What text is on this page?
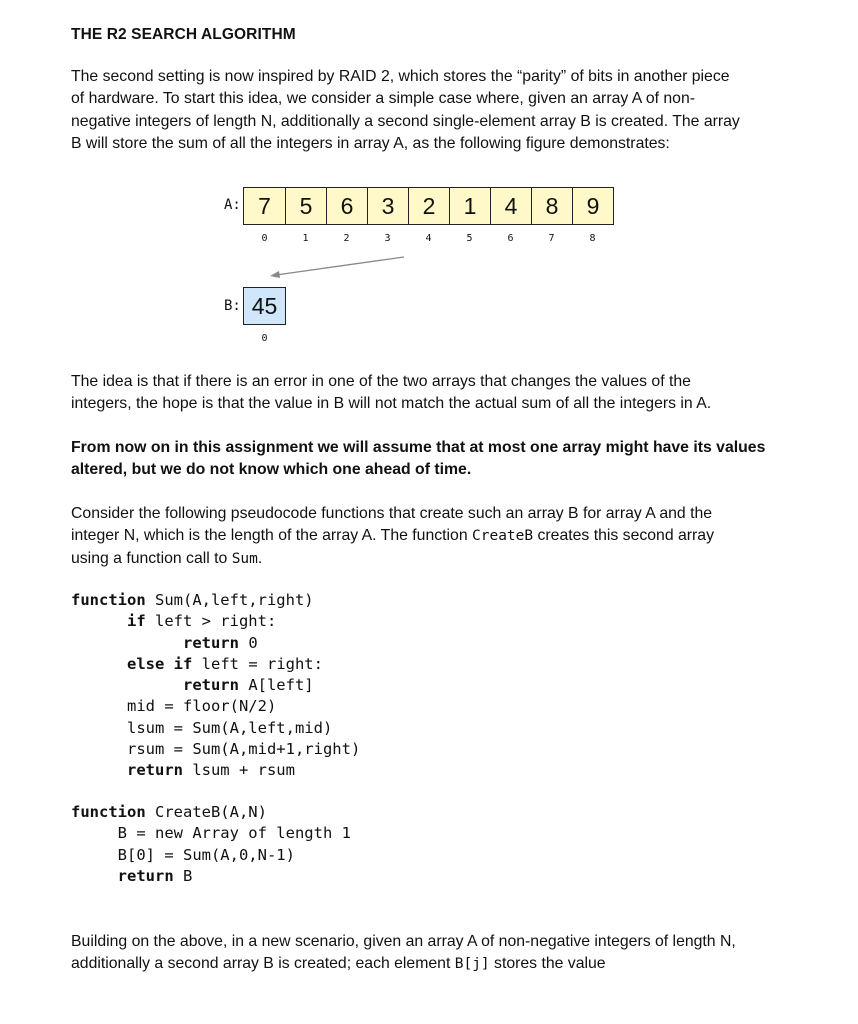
THE R2 SEARCH ALGORITHM
The second setting is now inspired by RAID 2, which stores the “parity” of bits in another piece
of hardware. To start this idea, we consider a simple case where, given an array A of non-
negative integers of length N, additionally a second single-element array B is created. The array
B will store the sum of all the integers in array A, as the following figure demonstrates:
A: 7	5	6	3	2	1	4	8	9
0	1	2	3	4	5	6	7	8
B: 45
0
The idea is that if there is an error in one of the two arrays that changes the values of the
integers, the hope is that the value in B will not match the actual sum of all the integers in A.
From now on in this assignment we will assume that at most one array might have its values
altered, but we do not know which one ahead of time.
Consider the following pseudocode functions that create such an array B for array A and the
integer N, which is the length of the array A. The function CreateB creates this second array
using a function call to Sum.
function Sum(A,left,right)
if left > right:
return 0
else if left = right:
return A[left]
mid = floor(N/2)
lsum = Sum(A,left,mid)
rsum = Sum(A,mid+1,right)
return lsum + rsum
function CreateB(A,N)
B = new Array of length 1
B[0] = Sum(A,0,N-1)
return B
Building on the above, in a new scenario, given an array A of non-negative integers of length N,
additionally a second array B is created; each element B[j] stores the value
